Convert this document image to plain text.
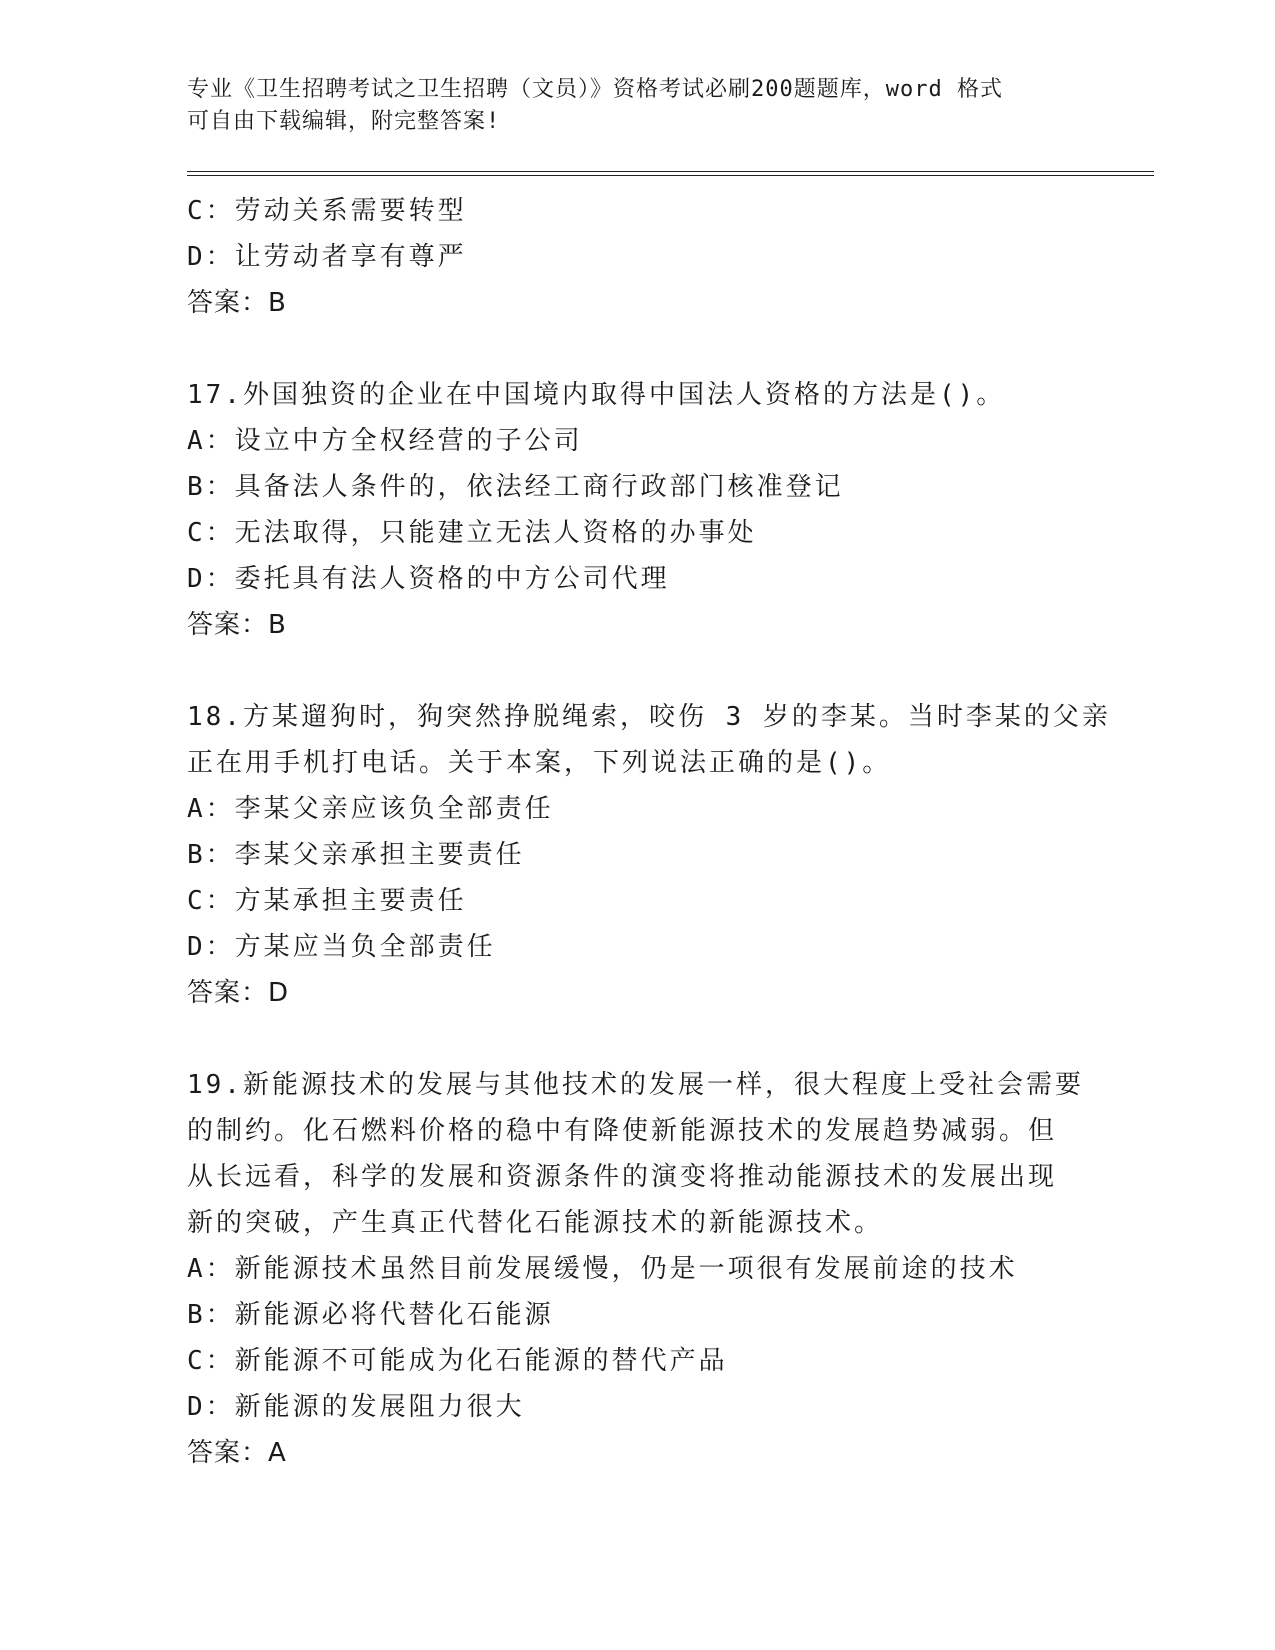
专业《卫生招聘考试之卫生招聘（文员）》资格考试必刷200题题库，word 格式
可自由下载编辑，附完整答案!
C：劳动关系需要转型
D：让劳动者享有尊严
答案：B
17.外国独资的企业在中国境内取得中国法人资格的方法是()。
A：设立中方全权经营的子公司
B：具备法人条件的，依法经工商行政部门核准登记
C：无法取得，只能建立无法人资格的办事处
D：委托具有法人资格的中方公司代理
答案：B
18.方某遛狗时，狗突然挣脱绳索，咬伤 3 岁的李某。当时李某的父亲
正在用手机打电话。关于本案，下列说法正确的是()。
A：李某父亲应该负全部责任
B：李某父亲承担主要责任
C：方某承担主要责任
D：方某应当负全部责任
答案：D
19.新能源技术的发展与其他技术的发展一样，很大程度上受社会需要
的制约。化石燃料价格的稳中有降使新能源技术的发展趋势减弱。但
从长远看，科学的发展和资源条件的演变将推动能源技术的发展出现
新的突破，产生真正代替化石能源技术的新能源技术。
A：新能源技术虽然目前发展缓慢，仍是一项很有发展前途的技术
B：新能源必将代替化石能源
C：新能源不可能成为化石能源的替代产品
D：新能源的发展阻力很大
答案：A
